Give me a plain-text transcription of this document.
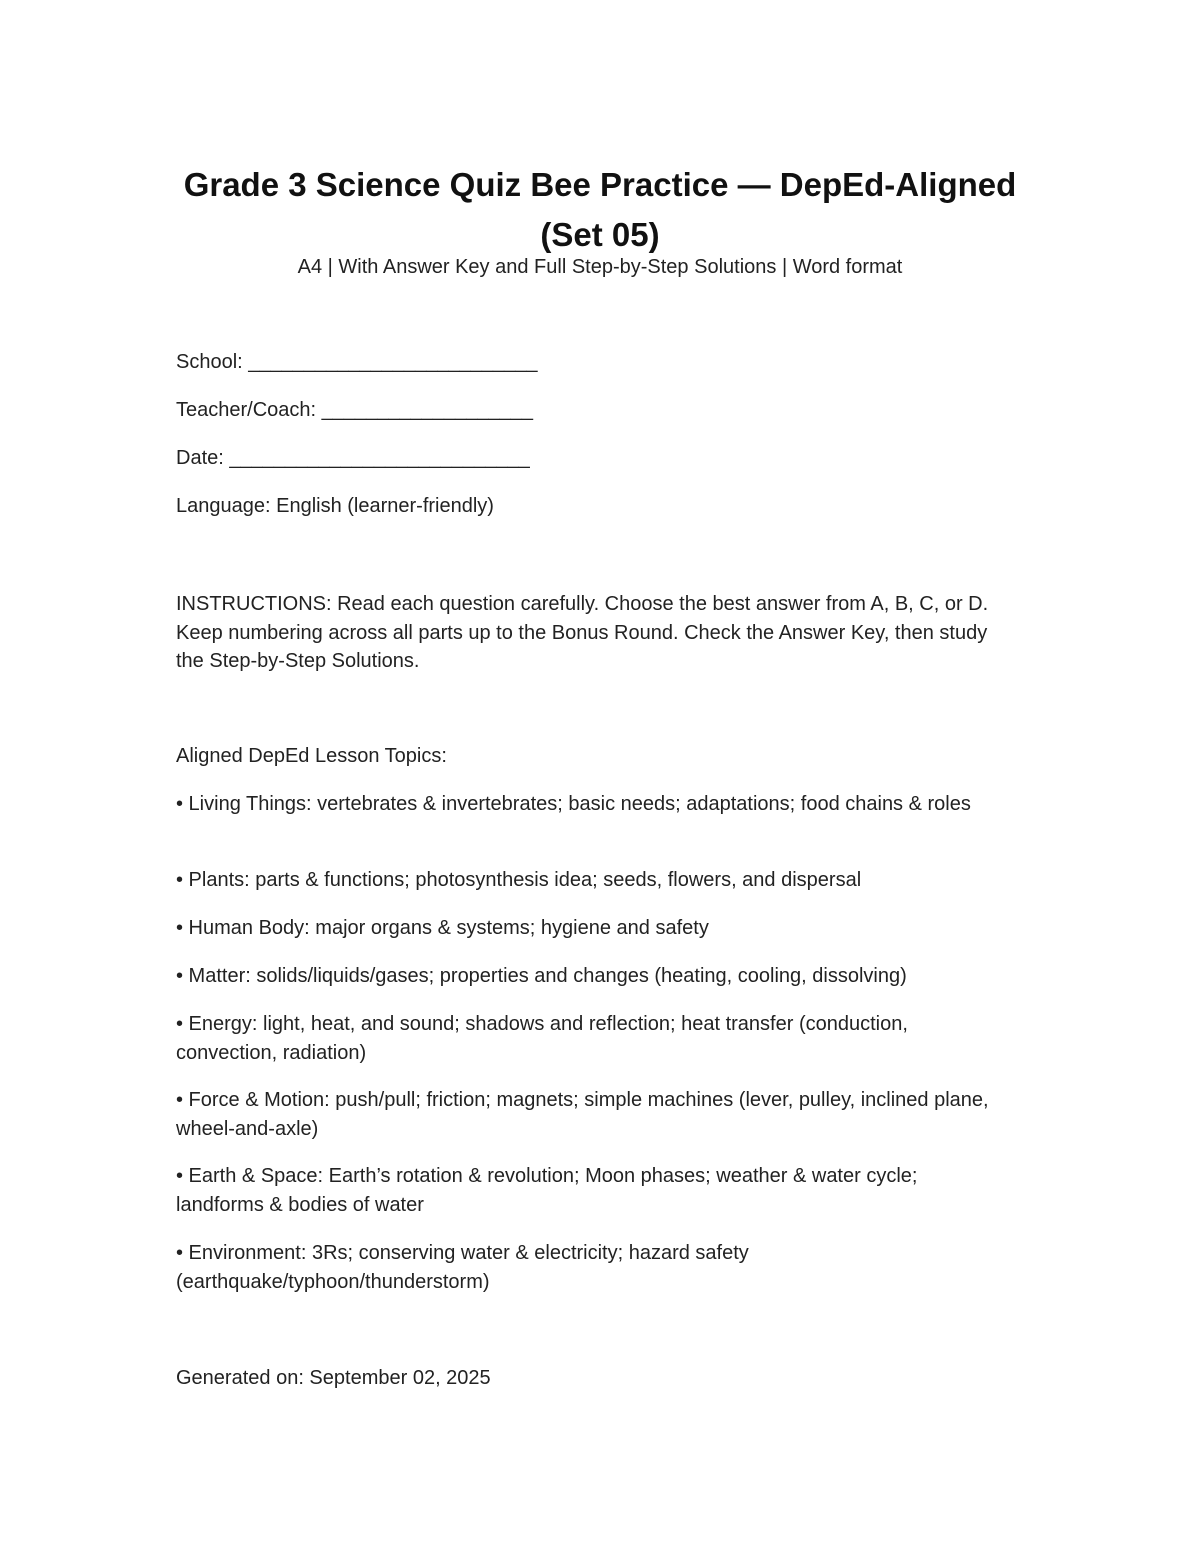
Grade 3 Science Quiz Bee Practice — DepEd-Aligned (Set 05)
A4 | With Answer Key and Full Step-by-Step Solutions | Word format

School: __________________________

Teacher/Coach: ___________________

Date: ___________________________

Language: English (learner-friendly)

INSTRUCTIONS: Read each question carefully. Choose the best answer from A, B, C, or D. Keep numbering across all parts up to the Bonus Round. Check the Answer Key, then study the Step-by-Step Solutions.

Aligned DepEd Lesson Topics:

• Living Things: vertebrates & invertebrates; basic needs; adaptations; food chains & roles

• Plants: parts & functions; photosynthesis idea; seeds, flowers, and dispersal

• Human Body: major organs & systems; hygiene and safety

• Matter: solids/liquids/gases; properties and changes (heating, cooling, dissolving)

• Energy: light, heat, and sound; shadows and reflection; heat transfer (conduction, convection, radiation)

• Force & Motion: push/pull; friction; magnets; simple machines (lever, pulley, inclined plane, wheel-and-axle)

• Earth & Space: Earth’s rotation & revolution; Moon phases; weather & water cycle; landforms & bodies of water

• Environment: 3Rs; conserving water & electricity; hazard safety (earthquake/typhoon/thunderstorm)

Generated on: September 02, 2025
